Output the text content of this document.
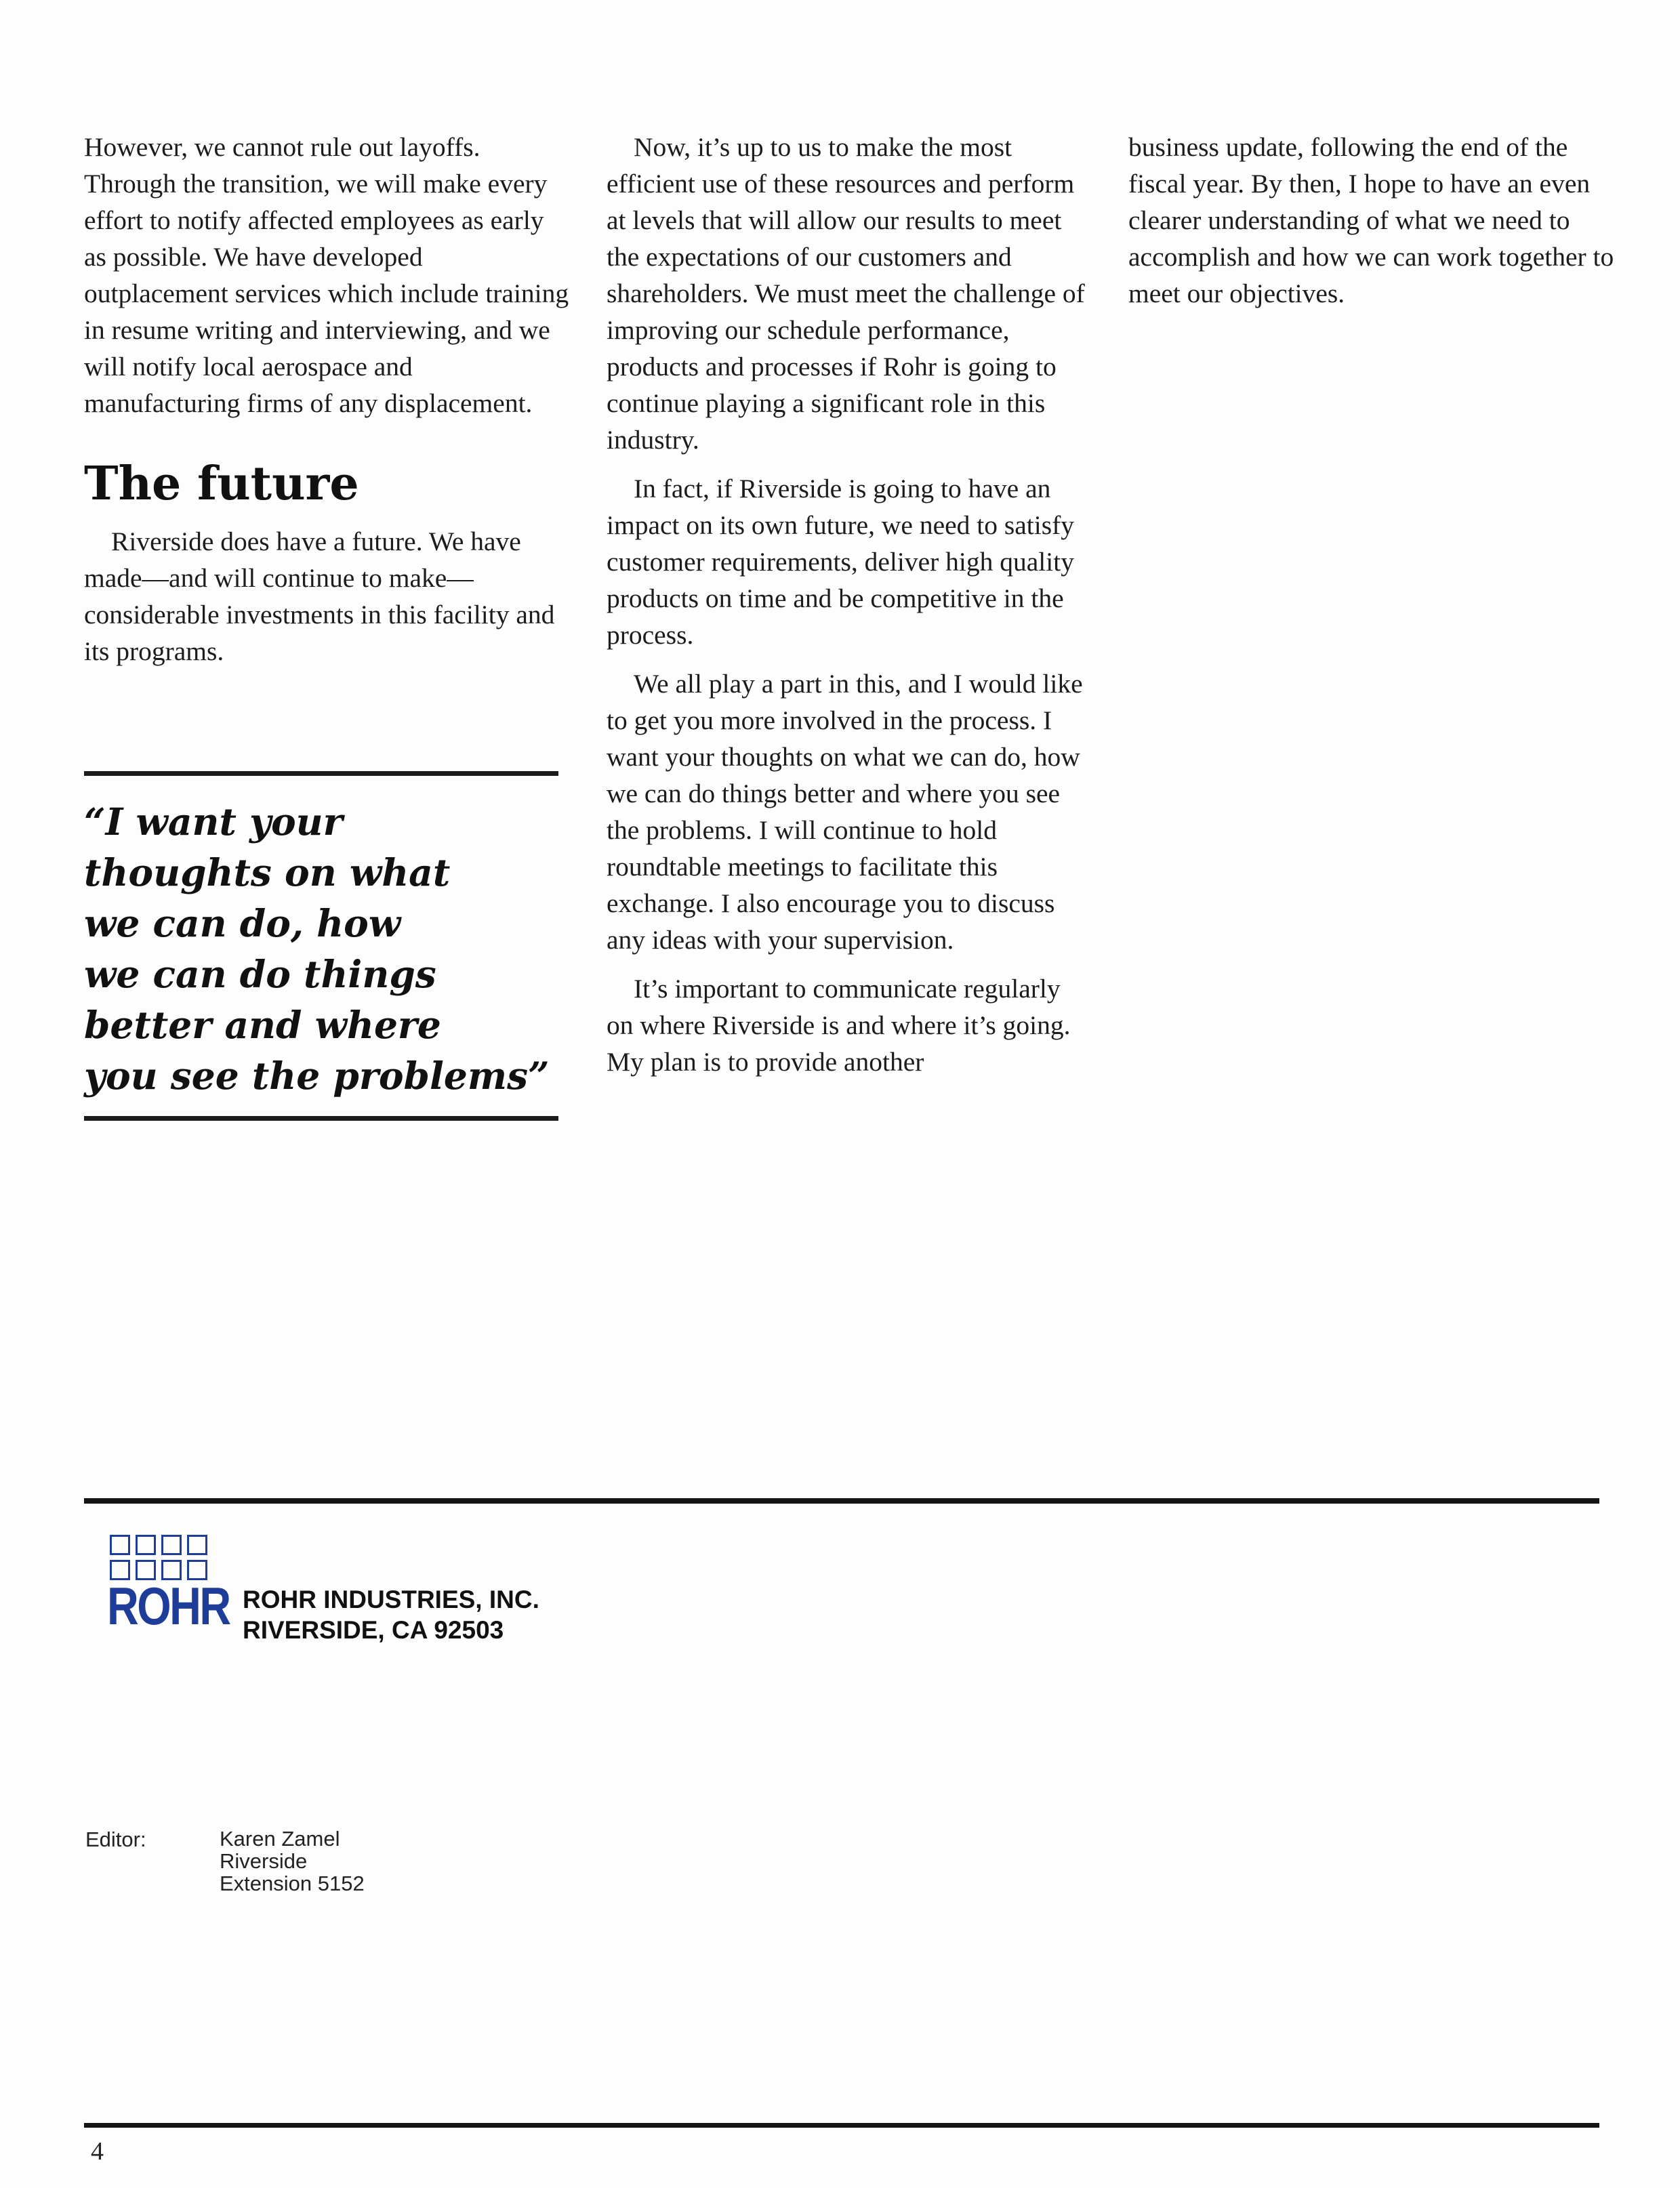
However, we cannot rule out layoffs. Through the transition, we will make every effort to notify affected employees as early as possible. We have developed outplacement services which include training in resume writing and interviewing, and we will notify local aerospace and manufacturing firms of any displacement.

The future

Riverside does have a future. We have made—and will continue to make—considerable investments in this facility and its programs.

“I want your
thoughts on what
we can do, how
we can do things
better and where
you see the problems”

Now, it’s up to us to make the most efficient use of these resources and perform at levels that will allow our results to meet the expectations of our customers and shareholders. We must meet the challenge of improving our schedule performance, products and processes if Rohr is going to continue playing a significant role in this industry.

In fact, if Riverside is going to have an impact on its own future, we need to satisfy customer requirements, deliver high quality products on time and be competitive in the process.

We all play a part in this, and I would like to get you more involved in the process. I want your thoughts on what we can do, how we can do things better and where you see the problems. I will continue to hold roundtable meetings to facilitate this exchange. I also encourage you to discuss any ideas with your supervision.

It’s important to communicate regularly on where Riverside is and where it’s going. My plan is to provide another

business update, following the end of the fiscal year. By then, I hope to have an even clearer understanding of what we need to accomplish and how we can work together to meet our objectives.

ROHR ROHR INDUSTRIES, INC.
RIVERSIDE, CA 92503
Editor:	Karen Zamel
Riverside
Extension 5152
4
